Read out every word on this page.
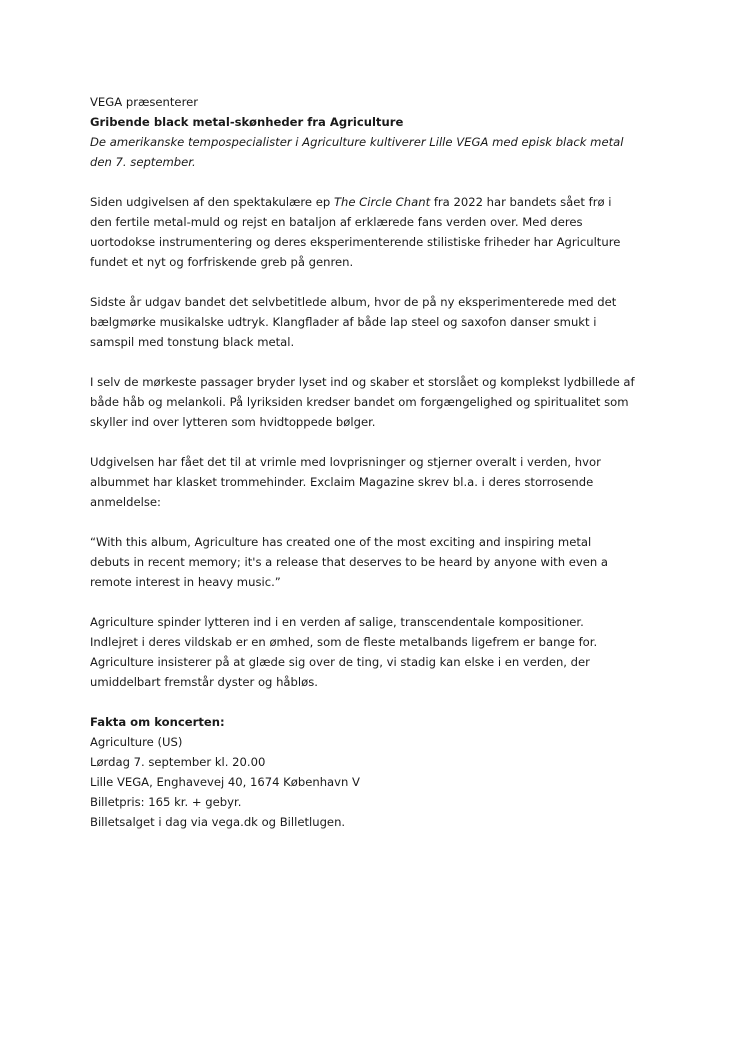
VEGA præsenterer
Gribende black metal-skønheder fra Agriculture
De amerikanske tempospecialister i Agriculture kultiverer Lille VEGA med episk black metal
den 7. september.
Siden udgivelsen af den spektakulære ep The Circle Chant fra 2022 har bandets sået frø i
den fertile metal-muld og rejst en bataljon af erklærede fans verden over. Med deres
uortodokse instrumentering og deres eksperimenterende stilistiske friheder har Agriculture
fundet et nyt og forfriskende greb på genren.
Sidste år udgav bandet det selvbetitlede album, hvor de på ny eksperimenterede med det
bælgmørke musikalske udtryk. Klangflader af både lap steel og saxofon danser smukt i
samspil med tonstung black metal.
I selv de mørkeste passager bryder lyset ind og skaber et storslået og komplekst lydbillede af
både håb og melankoli. På lyriksiden kredser bandet om forgængelighed og spiritualitet som
skyller ind over lytteren som hvidtoppede bølger.
Udgivelsen har fået det til at vrimle med lovprisninger og stjerner overalt i verden, hvor
albummet har klasket trommehinder. Exclaim Magazine skrev bl.a. i deres storrosende
anmeldelse:
“With this album, Agriculture has created one of the most exciting and inspiring metal
debuts in recent memory; it's a release that deserves to be heard by anyone with even a
remote interest in heavy music.”
Agriculture spinder lytteren ind i en verden af salige, transcendentale kompositioner.
Indlejret i deres vildskab er en ømhed, som de fleste metalbands ligefrem er bange for.
Agriculture insisterer på at glæde sig over de ting, vi stadig kan elske i en verden, der
umiddelbart fremstår dyster og håbløs.
Fakta om koncerten:
Agriculture (US)
Lørdag 7. september kl. 20.00
Lille VEGA, Enghavevej 40, 1674 København V
Billetpris: 165 kr. + gebyr.
Billetsalget i dag via vega.dk og Billetlugen.
